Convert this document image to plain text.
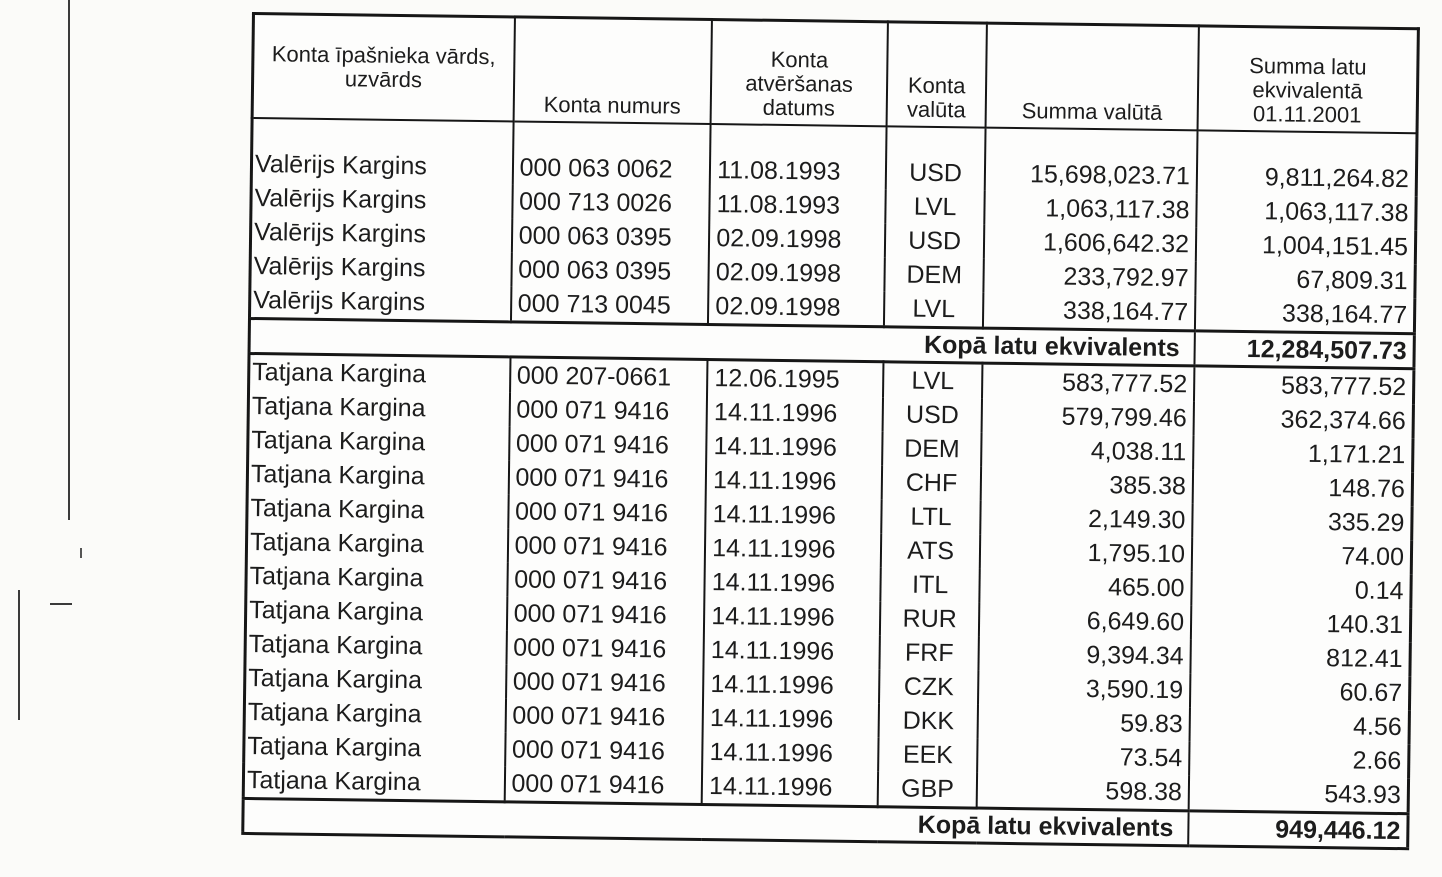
Konta īpašnieka vārds, uzvārds	Konta numurs	Konta atvēršanas datums	Konta valūta	Summa valūtā	Summa latu ekvivalentā 01.11.2001
Valērijs Kargins	000 063 0062	11.08.1993	USD	15,698,023.71	9,811,264.82
Valērijs Kargins	000 713 0026	11.08.1993	LVL	1,063,117.38	1,063,117.38
Valērijs Kargins	000 063 0395	02.09.1998	USD	1,606,642.32	1,004,151.45
Valērijs Kargins	000 063 0395	02.09.1998	DEM	233,792.97	67,809.31
Valērijs Kargins	000 713 0045	02.09.1998	LVL	338,164.77	338,164.77
Kopā latu ekvivalents					12,284,507.73
Tatjana Kargina	000 207-0661	12.06.1995	LVL	583,777.52	583,777.52
Tatjana Kargina	000 071 9416	14.11.1996	USD	579,799.46	362,374.66
Tatjana Kargina	000 071 9416	14.11.1996	DEM	4,038.11	1,171.21
Tatjana Kargina	000 071 9416	14.11.1996	CHF	385.38	148.76
Tatjana Kargina	000 071 9416	14.11.1996	LTL	2,149.30	335.29
Tatjana Kargina	000 071 9416	14.11.1996	ATS	1,795.10	74.00
Tatjana Kargina	000 071 9416	14.11.1996	ITL	465.00	0.14
Tatjana Kargina	000 071 9416	14.11.1996	RUR	6,649.60	140.31
Tatjana Kargina	000 071 9416	14.11.1996	FRF	9,394.34	812.41
Tatjana Kargina	000 071 9416	14.11.1996	CZK	3,590.19	60.67
Tatjana Kargina	000 071 9416	14.11.1996	DKK	59.83	4.56
Tatjana Kargina	000 071 9416	14.11.1996	EEK	73.54	2.66
Tatjana Kargina	000 071 9416	14.11.1996	GBP	598.38	543.93
Kopā latu ekvivalents					949,446.12
